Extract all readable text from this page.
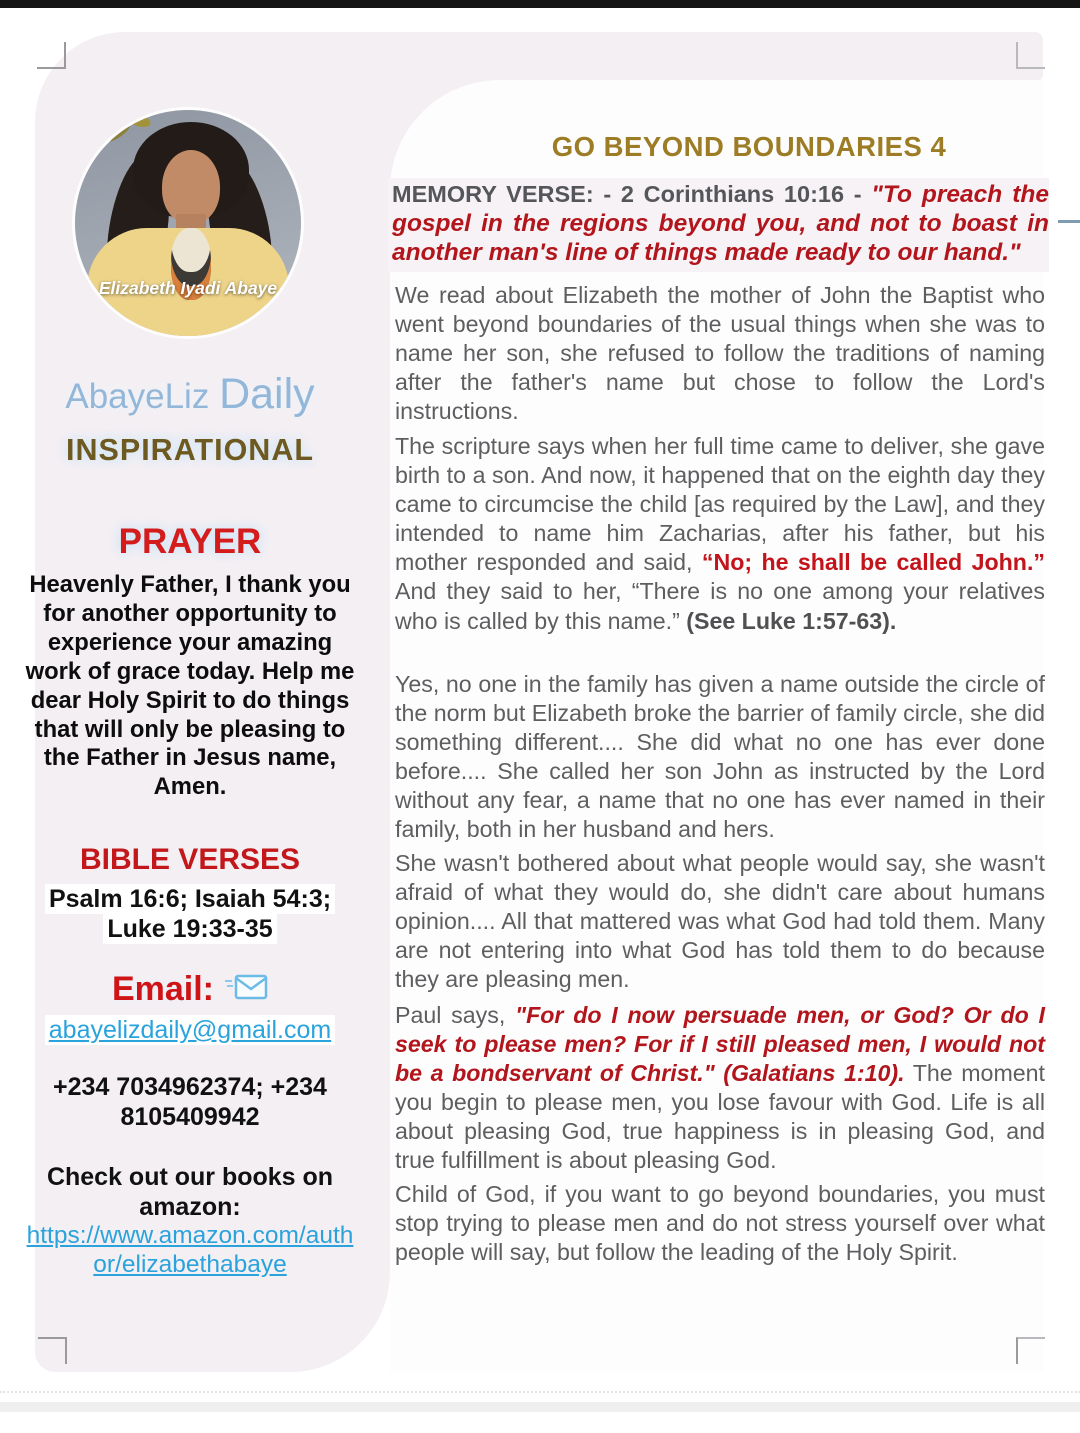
Elizabeth Iyadi Abaye
AbayeLiz Daily
INSPIRATIONAL
PRAYER
Heavenly Father, I thank you for another opportunity to experience your amazing work of grace today. Help me dear Holy Spirit to do things that will only be pleasing to the Father in Jesus name, Amen.
BIBLE VERSES
Psalm 16:6; Isaiah 54:3; Luke 19:33-35
Email:
abayelizdaily@gmail.com
+234 7034962374; +234 8105409942
Check out our books on amazon:
https://www.amazon.com/author/elizabethabaye
GO BEYOND BOUNDARIES 4
MEMORY VERSE: - 2 Corinthians 10:16 - "To preach the gospel in the regions beyond you, and not to boast in another man's line of things made ready to our hand."
We read about Elizabeth the mother of John the Baptist who went beyond boundaries of the usual things when she was to name her son, she refused to follow the traditions of naming after the father's name but chose to follow the Lord's instructions.
The scripture says when her full time came to deliver, she gave birth to a son. And now, it happened that on the eighth day they came to circumcise the child [as required by the Law], and they intended to name him Zacharias, after his father, but his mother responded and said, “No; he shall be called John.” And they said to her, “There is no one among your relatives who is called by this name.” (See Luke 1:57-63).
Yes, no one in the family has given a name outside the circle of the norm but Elizabeth broke the barrier of family circle, she did something different.... She did what no one has ever done before.... She called her son John as instructed by the Lord without any fear, a name that no one has ever named in their family, both in her husband and hers.
She wasn't bothered about what people would say, she wasn't afraid of what they would do, she didn't care about humans opinion.... All that mattered was what God had told them. Many are not entering into what God has told them to do because they are pleasing men.
Paul says, "For do I now persuade men, or God? Or do I seek to please men? For if I still pleased men, I would not be a bondservant of Christ." (Galatians 1:10). The moment you begin to please men, you lose favour with God. Life is all about pleasing God, true happiness is in pleasing God, and true fulfillment is about pleasing God.
Child of God, if you want to go beyond boundaries, you must stop trying to please men and do not stress yourself over what people will say, but follow the leading of the Holy Spirit.
